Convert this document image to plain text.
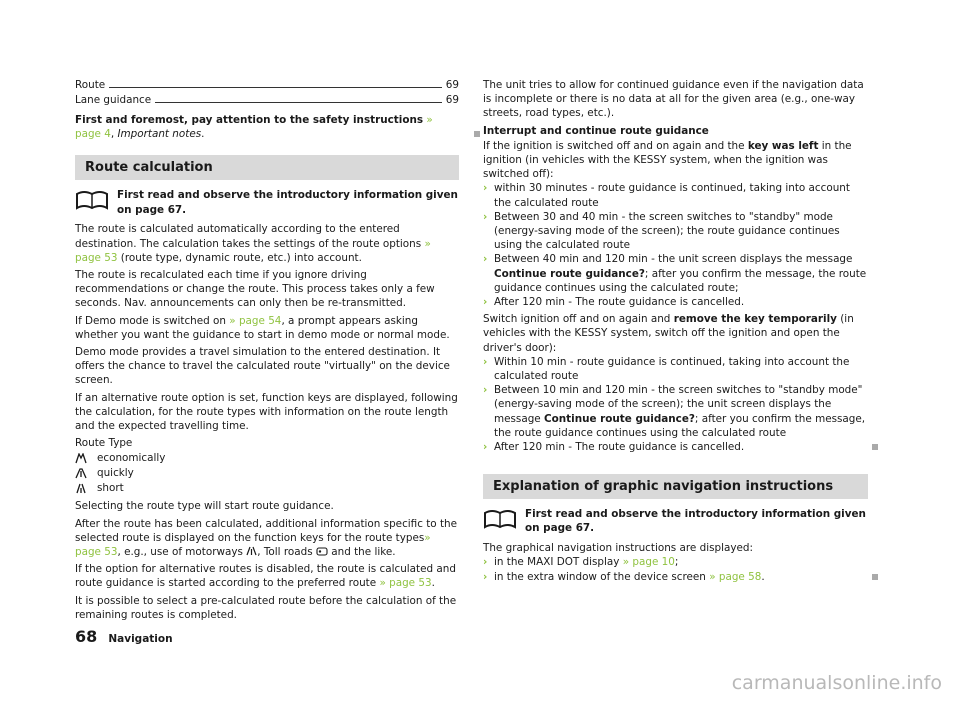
Route	69
Lane guidance	69

First and foremost, pay attention to the safety instructions » page 4, Important notes.

Route calculation
First read and observe the introductory information given on page 67.

The route is calculated automatically according to the entered destination. The calculation takes the settings of the route options » page 53 (route type, dynamic route, etc.) into account.

The route is recalculated each time if you ignore driving recommendations or change the route. This process takes only a few seconds. Nav. announcements can only then be re-transmitted.

If Demo mode is switched on » page 54, a prompt appears asking whether you want the guidance to start in demo mode or normal mode.

Demo mode provides a travel simulation to the entered destination. It offers the chance to travel the calculated route "virtually" on the device screen.

If an alternative route option is set, function keys are displayed, following the calculation, for the route types with information on the route length and the expected travelling time.

Route Type

economically
quickly
short

Selecting the route type will start route guidance.

After the route has been calculated, additional information specific to the selected route is displayed on the function keys for the route types» page 53, e.g., use of motorways , Toll roads  and the like.

If the option for alternative routes is disabled, the route is calculated and route guidance is started according to the preferred route » page 53.

It is possible to select a pre-calculated route before the calculation of the remaining routes is completed.

The unit tries to allow for continued guidance even if the navigation data is incomplete or there is no data at all for the given area (e.g., one-way streets, road types, etc.).

Interrupt and continue route guidance

If the ignition is switched off and on again and the key was left in the ignition (in vehicles with the KESSY system, when the ignition was switched off):

› within 30 minutes - route guidance is continued, taking into account the calculated route
› Between 30 and 40 min - the screen switches to "standby" mode (energy-saving mode of the screen); the route guidance continues using the calculated route
› Between 40 min and 120 min - the unit screen displays the message Continue route guidance?; after you confirm the message, the route guidance continues using the calculated route;
› After 120 min - The route guidance is cancelled.

Switch ignition off and on again and remove the key temporarily (in vehicles with the KESSY system, switch off the ignition and open the driver's door):

› Within 10 min - route guidance is continued, taking into account the calculated route
› Between 10 min and 120 min - the screen switches to "standby mode" (energy-saving mode of the screen); the unit screen displays the message Continue route guidance?; after you confirm the message, the route guidance continues using the calculated route
› After 120 min - The route guidance is cancelled.
Explanation of graphic navigation instructions
First read and observe the introductory information given on page 67.

The graphical navigation instructions are displayed:

› in the MAXI DOT display » page 10;
› in the extra window of the device screen » page 58.
68 Navigation
carmanualsonline.info
